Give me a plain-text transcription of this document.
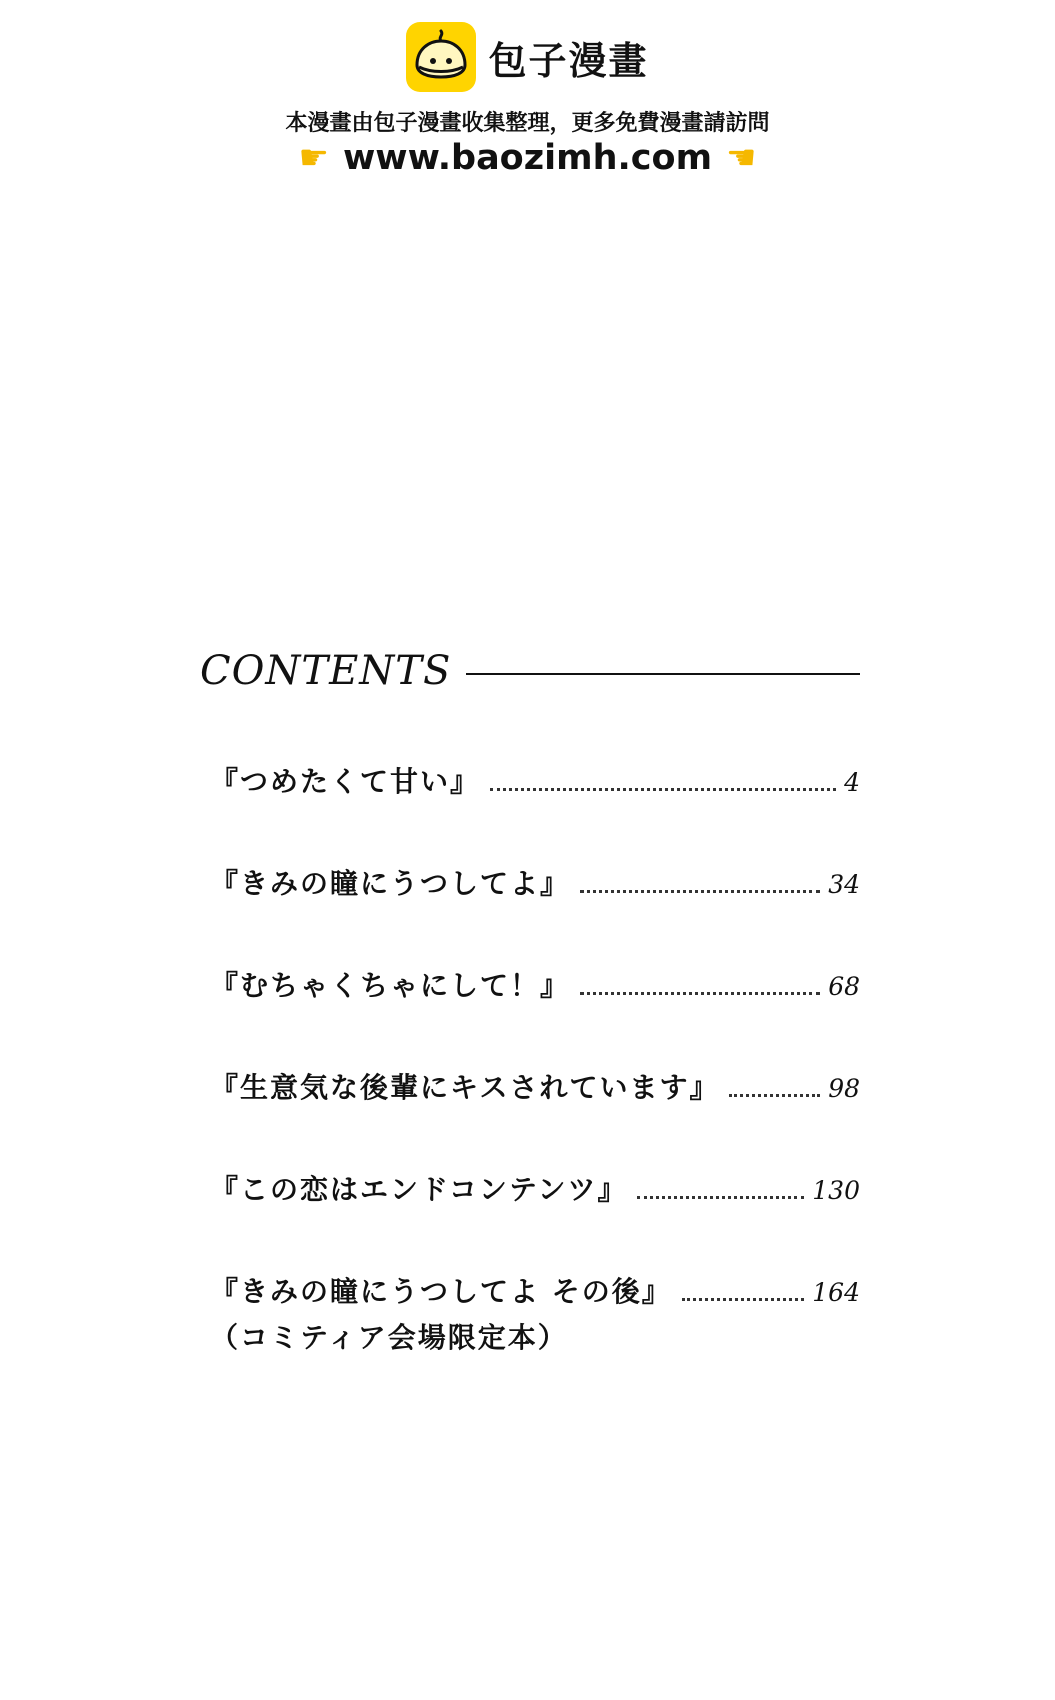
包子漫畫
本漫畫由包子漫畫收集整理，更多免費漫畫請訪問
☛ www.baozimh.com ☚
CONTENTS
『つめたくて甘い』	4
『きみの瞳にうつしてよ』	34
『むちゃくちゃにして！』	68
『生意気な後輩にキスされています』	98
『この恋はエンドコンテンツ』	130
『きみの瞳にうつしてよ その後』	164
（コミティア会場限定本）
